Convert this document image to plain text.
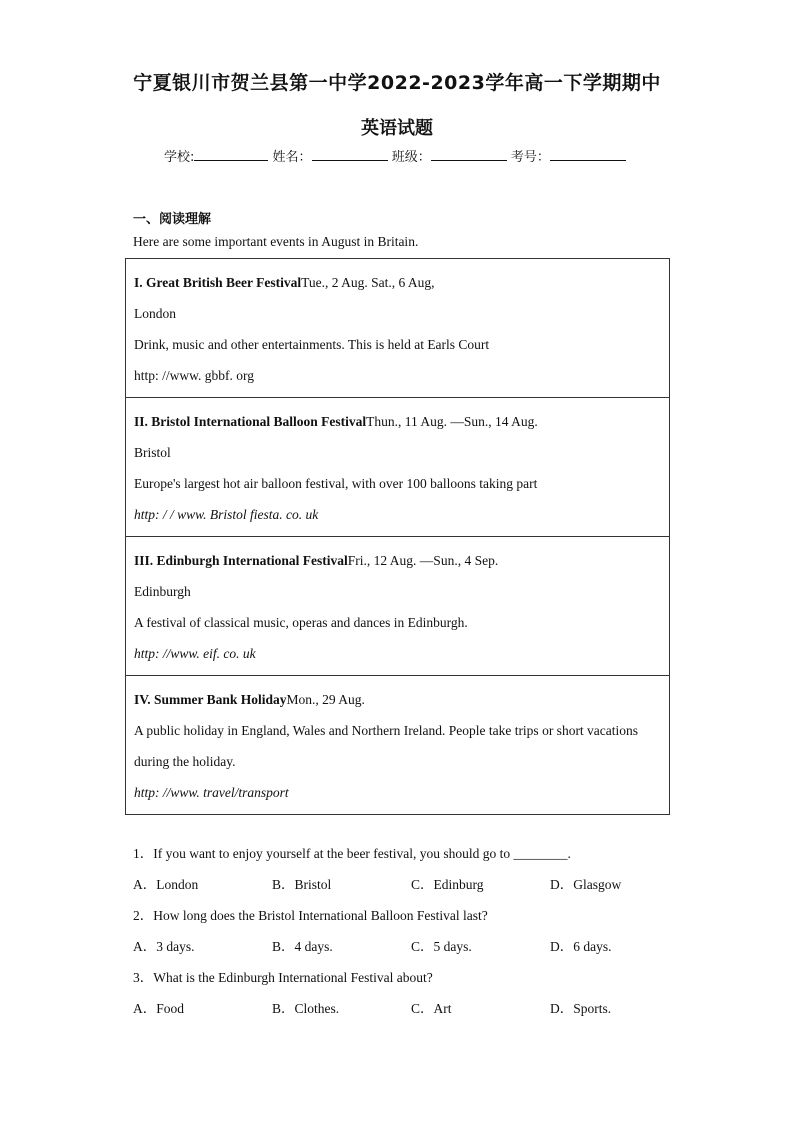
宁夏银川市贺兰县第一中学2022-2023学年高一下学期期中
英语试题
学校:	姓名：	班级：	考号：
一、阅读理解
Here are some important events in August in Britain.
I. Great British Beer FestivalTue., 2 Aug. Sat., 6 Aug,
London
Drink, music and other entertainments. This is held at Earls Court
http: //www. gbbf. org
II. Bristol International Balloon FestivalThun., 11 Aug. —Sun., 14 Aug.
Bristol
Europe's largest hot air balloon festival, with over 100 balloons taking part
http: / / www. Bristol fiesta. co. uk
III. Edinburgh International FestivalFri., 12 Aug. —Sun., 4 Sep.
Edinburgh
A festival of classical music, operas and dances in Edinburgh.
http: //www. eif. co. uk
IV. Summer Bank HolidayMon., 29 Aug.
A public holiday in England, Wales and Northern Ireland. People take trips or short vacations
during the holiday.
http: //www. travel/transport
1．If you want to enjoy yourself at the beer festival, you should go to ________.
A．London	B．Bristol	C．Edinburg	D．Glasgow
2．How long does the Bristol International Balloon Festival last?
A．3 days.	B．4 days.	C．5 days.	D．6 days.
3．What is the Edinburgh International Festival about?
A．Food	B．Clothes.	C．Art	D．Sports.
